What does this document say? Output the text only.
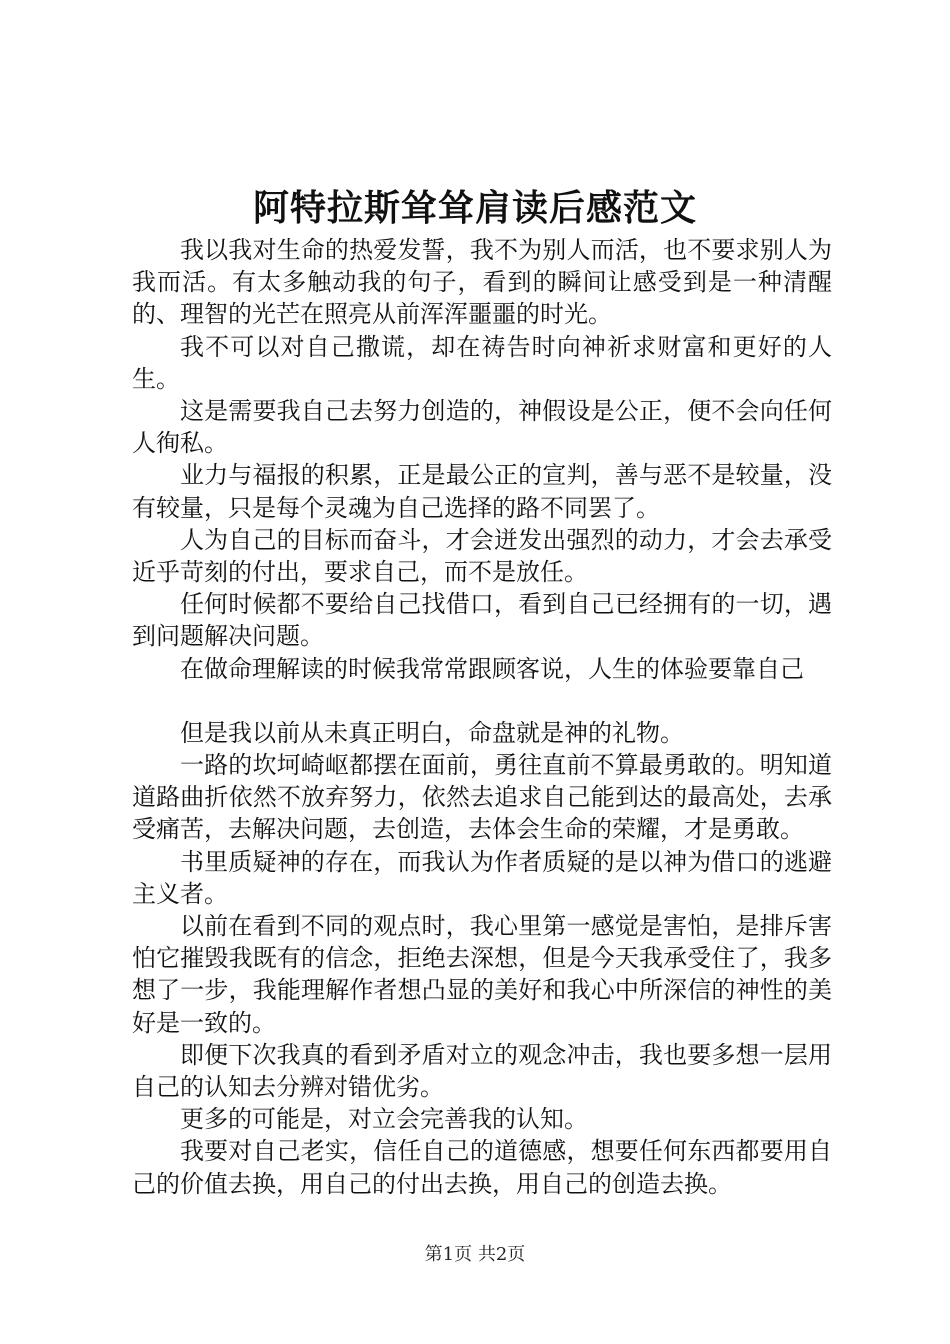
阿特拉斯耸耸肩读后感范文

我以我对生命的热爱发誓，我不为别人而活，也不要求别人为我而活。有太多触动我的句子，看到的瞬间让感受到是一种清醒的、理智的光芒在照亮从前浑浑噩噩的时光。

我不可以对自己撒谎，却在祷告时向神祈求财富和更好的人生。

这是需要我自己去努力创造的，神假设是公正，便不会向任何人徇私。

业力与福报的积累，正是最公正的宣判，善与恶不是较量，没有较量，只是每个灵魂为自己选择的路不同罢了。

人为自己的目标而奋斗，才会迸发出强烈的动力，才会去承受近乎苛刻的付出，要求自己，而不是放任。

任何时候都不要给自己找借口，看到自己已经拥有的一切，遇到问题解决问题。

在做命理解读的时候我常常跟顾客说，人生的体验要靠自己

但是我以前从未真正明白，命盘就是神的礼物。

一路的坎坷崎岖都摆在面前，勇往直前不算最勇敢的。明知道道路曲折依然不放弃努力，依然去追求自己能到达的最高处，去承受痛苦，去解决问题，去创造，去体会生命的荣耀，才是勇敢。

书里质疑神的存在，而我认为作者质疑的是以神为借口的逃避主义者。

以前在看到不同的观点时，我心里第一感觉是害怕，是排斥害怕它摧毁我既有的信念，拒绝去深想，但是今天我承受住了，我多想了一步，我能理解作者想凸显的美好和我心中所深信的神性的美好是一致的。

即便下次我真的看到矛盾对立的观念冲击，我也要多想一层用自己的认知去分辨对错优劣。

更多的可能是，对立会完善我的认知。

我要对自己老实，信任自己的道德感，想要任何东西都要用自己的价值去换，用自己的付出去换，用自己的创造去换。

第1页 共2页
